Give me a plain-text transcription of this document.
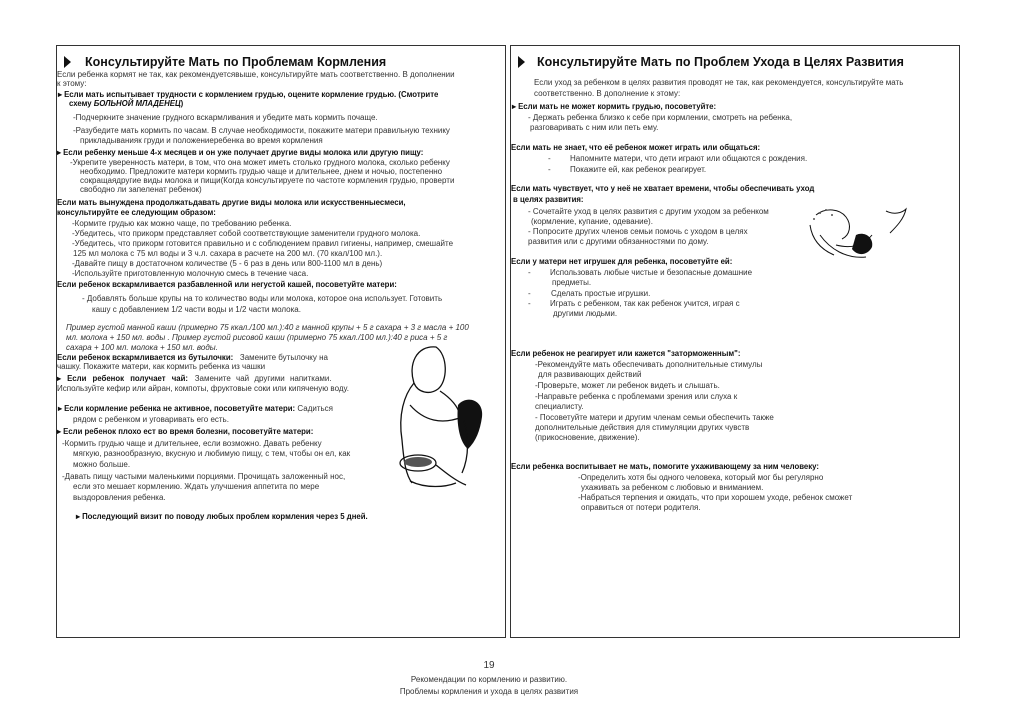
Консультируйте Мать по Проблемам Кормления
Если ребенка кормят не так, как рекомендуетсявыше, консультируйте мать соответственно. В дополнении
к этому:
▸ Если мать испытывает трудности с кормлением грудью, оцените кормление грудью. (Смотрите
схему БОЛЬНОЙ МЛАДЕНЕЦ)
-Подчеркните значение грудного вскармливания и убедите мать кормить почаще.
-Разубедите мать кормить по часам. В случае необходимости, покажите матери правильную технику
прикладыванияк груди и положениеребенка во время кормления
▸ Если ребенку меньше 4-х месяцев и он уже получает другие виды молока или другую пищу:
-Укрепите уверенность матери, в том, что она может иметь столько грудного молока, сколько ребенку
необходимо. Предложите матери кормить грудью чаще и длительнее, днем и ночью, постепенно
сокращаядругие виды молока и пищи(Когда консультируете по частоте кормления грудью, проверти
свободно ли запеленат ребенок)
Если мать вынуждена продолжатьдавать другие виды молока или искусственныесмеси,
консультируйте ее следующим образом:
-Кормите грудью как можно чаще, по требованию ребенка.
-Убедитесь, что прикорм представляет собой соответствующие заменители грудного молока.
-Убедитесь, что прикорм готовится правильно и с соблюдением правил гигиены, например, смешайте
125 мл молока с 75 мл воды и 3 ч.л. сахара в расчете на 200 мл. (70 ккал/100 мл.).
-Давайте пищу в достаточном количестве (5 - 6 раз в день или 800-1100 мл в день)
-Используйте приготовленную молочную смесь в течение часа.
Если ребенок вскармливается разбавленной или негустой кашей, посоветуйте матери:
- Добавлять больше крупы на то количество воды или молока, которое она использует. Готовить
кашу с добавлением 1/2 части воды и 1/2 части молока.
Пример густой манной каши (примерно 75 ккал./100 мл.):40 г манной крупы + 5 г сахара + 3 г масла + 100
мл. молока + 150 мл. воды . Пример густой рисовой каши (примерно 75 ккал./100 мл.):40 г риса + 5 г
сахара + 100 мл. молока + 150 мл. воды.
Если ребенок вскармливается из бутылочки: Замените бутылочку на
чашку. Покажите матери, как кормить ребенка из чашки
▸ Если ребенок получает чай: Замените чай другими напитками.
Используйте кефир или айран, компоты, фруктовые соки или кипяченую воду.
▸ Если кормление ребенка не активное, посоветуйте матери: Садиться
рядом с ребенком и уговаривать его есть.
▸ Если ребенок плохо ест во время болезни, посоветуйте матери:
-Кормить грудью чаще и длительнее, если возможно. Давать ребенку
мягкую, разнообразную, вкусную и любимую пищу, с тем, чтобы он ел, как
можно больше.
-Давать пищу частыми маленькими порциями. Прочищать заложенный нос,
если это мешает кормлению. Ждать улучшения аппетита по мере
выздоровления ребенка.
▸ Последующий визит по поводу любых проблем кормления через 5 дней.
Консультируйте Мать по Проблем Ухода в Целях Развития
Если уход за ребенком в целях развития проводят не так, как рекомендуется, консультируйте мать
соответственно. В дополнение к этому:
▸ Если мать не может кормить грудью, посоветуйте:
- Держать ребенка близко к себе при кормлении, смотреть на ребенка,
разговаривать с ним или петь ему.
Если мать не знает, что её ребенок может играть или общаться:
- Напомните матери, что дети играют или общаются с рождения.
- Покажите ей, как ребенок реагирует.
Если мать чувствует, что у неё не хватает времени, чтобы обеспечивать уход
в целях развития:
- Сочетайте уход в целях развития с другим уходом за ребенком
(кормление, купание, одевание).
- Попросите других членов семьи помочь с уходом в целях
развития или с другими обязанностями по дому.
Если у матери нет игрушек для ребенка, посоветуйте ей:
- Использовать любые чистые и безопасные домашние
предметы.
-	Сделать простые игрушки.
- Играть с ребенком, так как ребенок учится, играя с
другими людьми.
Если ребенок не реагирует или кажется "заторможенным":
-Рекомендуйте мать обеспечивать дополнительные стимулы
для развивающих действий
-Проверьте, может ли ребенок видеть и слышать.
-Направьте ребенка с проблемами зрения или слуха к
специалисту.
- Посоветуйте матери и другим членам семьи обеспечить также
дополнительные действия для стимуляции других чувств
(прикосновение, движение).
Если ребенка воспитывает не мать, помогите ухаживающему за ним человеку:
-Определить хотя бы одного человека, который мог бы регулярно
ухаживать за ребенком с любовью и вниманием.
-Набраться терпения и ожидать, что при хорошем уходе, ребенок сможет
оправиться от потери родителя.
19
Рекомендации по кормлению и развитию.
Проблемы кормления и ухода в целях развития
